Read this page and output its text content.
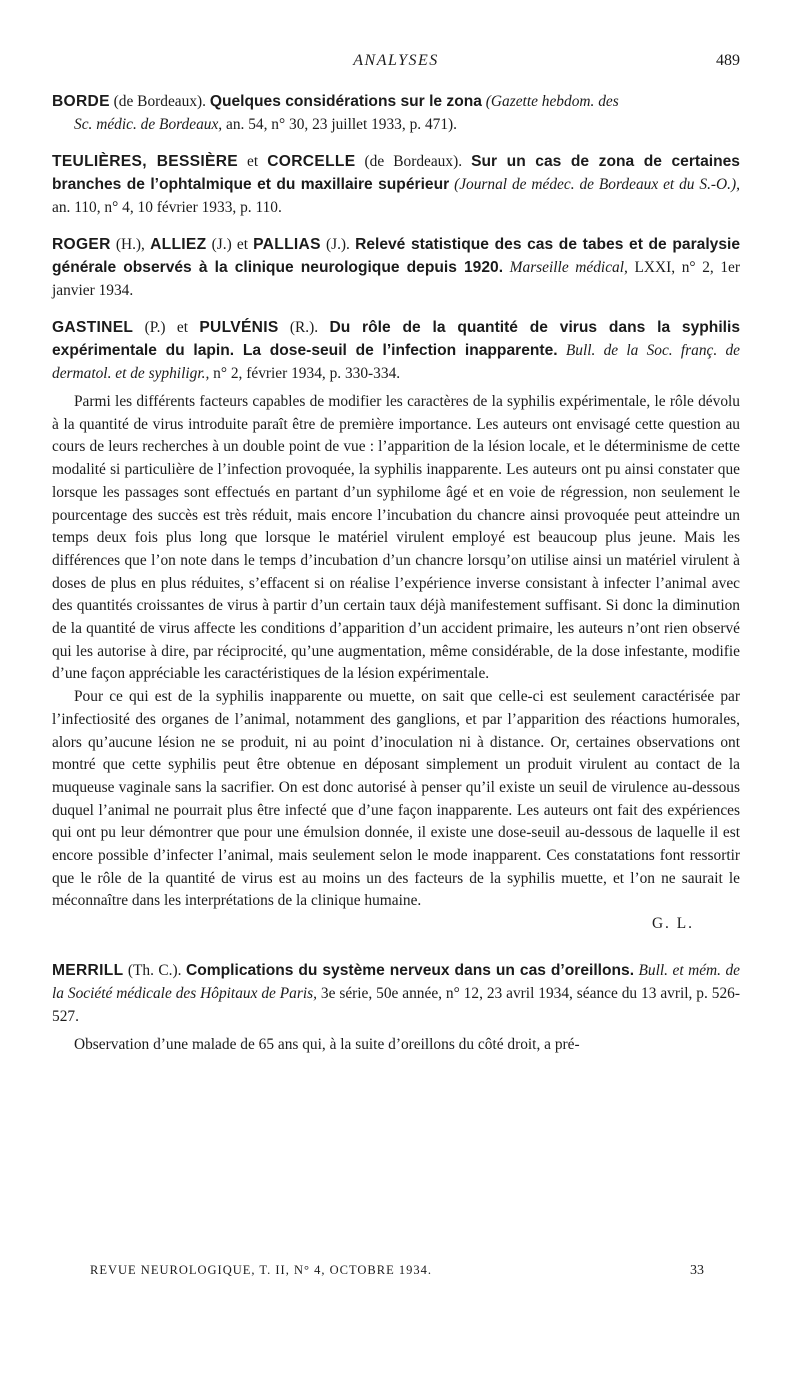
ANALYSES	489
BORDE (de Bordeaux). Quelques considérations sur le zona (Gazette hebdom. des
Sc. médic. de Bordeaux, an. 54, n° 30, 23 juillet 1933, p. 471).
TEULIÈRES, BESSIÈRE et CORCELLE (de Bordeaux). Sur un cas de zona de certaines branches de l’ophtalmique et du maxillaire supérieur (Journal de médec. de Bordeaux et du S.-O.), an. 110, n° 4, 10 février 1933, p. 110.
ROGER (H.), ALLIEZ (J.) et PALLIAS (J.). Relevé statistique des cas de tabes et de paralysie générale observés à la clinique neurologique depuis 1920. Marseille médical, LXXI, n° 2, 1er janvier 1934.
GASTINEL (P.) et PULVÉNIS (R.). Du rôle de la quantité de virus dans la syphilis expérimentale du lapin. La dose-seuil de l’infection inapparente. Bull. de la Soc. franç. de dermatol. et de syphiligr., n° 2, février 1934, p. 330-334.

Parmi les différents facteurs capables de modifier les caractères de la syphilis expérimentale, le rôle dévolu à la quantité de virus introduite paraît être de première importance. Les auteurs ont envisagé cette question au cours de leurs recherches à un double point de vue : l’apparition de la lésion locale, et le déterminisme de cette modalité si particulière de l’infection provoquée, la syphilis inapparente. Les auteurs ont pu ainsi constater que lorsque les passages sont effectués en partant d’un syphilome âgé et en voie de régression, non seulement le pourcentage des succès est très réduit, mais encore l’incubation du chancre ainsi provoquée peut atteindre un temps deux fois plus long que lorsque le matériel virulent employé est beaucoup plus jeune. Mais les différences que l’on note dans le temps d’incubation d’un chancre lorsqu’on utilise ainsi un matériel virulent à doses de plus en plus réduites, s’effacent si on réalise l’expérience inverse consistant à infecter l’animal avec des quantités croissantes de virus à partir d’un certain taux déjà manifestement suffisant. Si donc la diminution de la quantité de virus affecte les conditions d’apparition d’un accident primaire, les auteurs n’ont rien observé qui les autorise à dire, par réciprocité, qu’une augmentation, même considérable, de la dose infestante, modifie d’une façon appréciable les caractéristiques de la lésion expérimentale.

Pour ce qui est de la syphilis inapparente ou muette, on sait que celle-ci est seulement caractérisée par l’infectiosité des organes de l’animal, notamment des ganglions, et par l’apparition des réactions humorales, alors qu’aucune lésion ne se produit, ni au point d’inoculation ni à distance. Or, certaines observations ont montré que cette syphilis peut être obtenue en déposant simplement un produit virulent au contact de la muqueuse vaginale sans la sacrifier. On est donc autorisé à penser qu’il existe un seuil de virulence au-dessous duquel l’animal ne pourrait plus être infecté que d’une façon inapparente. Les auteurs ont fait des expériences qui ont pu leur démontrer que pour une émulsion donnée, il existe une dose-seuil au-dessous de laquelle il est encore possible d’infecter l’animal, mais seulement selon le mode inapparent. Ces constatations font ressortir que le rôle de la quantité de virus est au moins un des facteurs de la syphilis muette, et l’on ne saurait le méconnaître dans les interprétations de la clinique humaine.

G. L.
MERRILL (Th. C.). Complications du système nerveux dans un cas d’oreillons. Bull. et mém. de la Société médicale des Hôpitaux de Paris, 3e série, 50e année, n° 12, 23 avril 1934, séance du 13 avril, p. 526-527.

Observation d’une malade de 65 ans qui, à la suite d’oreillons du côté droit, a pré-

REVUE NEUROLOGIQUE, T. II, N° 4, OCTOBRE 1934.	33
